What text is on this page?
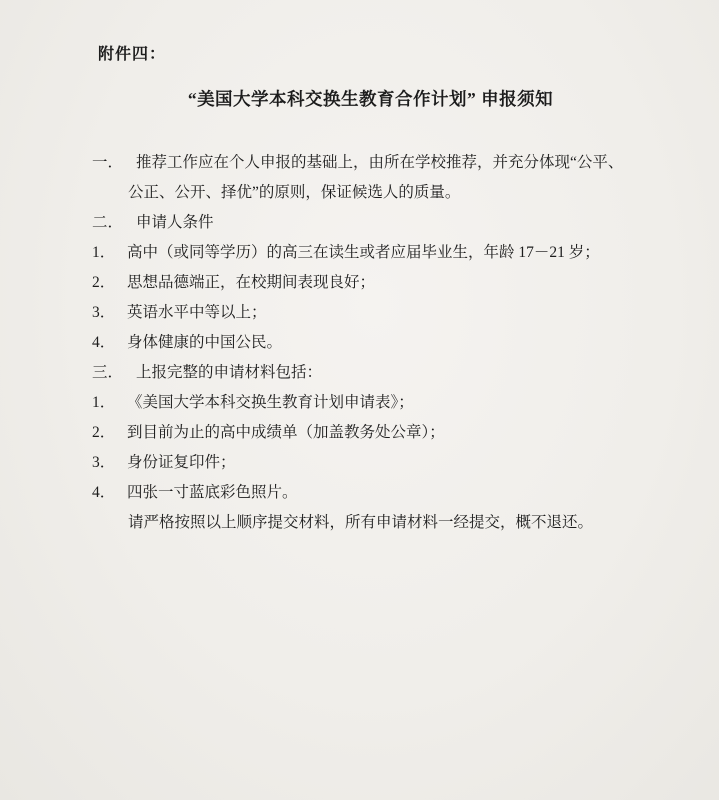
附件四：
“美国大学本科交换生教育合作计划” 申报须知
一． 推荐工作应在个人申报的基础上，由所在学校推荐，并充分体现“公平、
公正、公开、择优”的原则，保证候选人的质量。
二． 申请人条件
1． 高中（或同等学历）的高三在读生或者应届毕业生，年龄 17－21 岁；
2． 思想品德端正，在校期间表现良好；
3． 英语水平中等以上；
4． 身体健康的中国公民。
三． 上报完整的申请材料包括：
1． 《美国大学本科交换生教育计划申请表》；
2． 到目前为止的高中成绩单（加盖教务处公章）；
3． 身份证复印件；
4． 四张一寸蓝底彩色照片。
请严格按照以上顺序提交材料，所有申请材料一经提交，概不退还。
